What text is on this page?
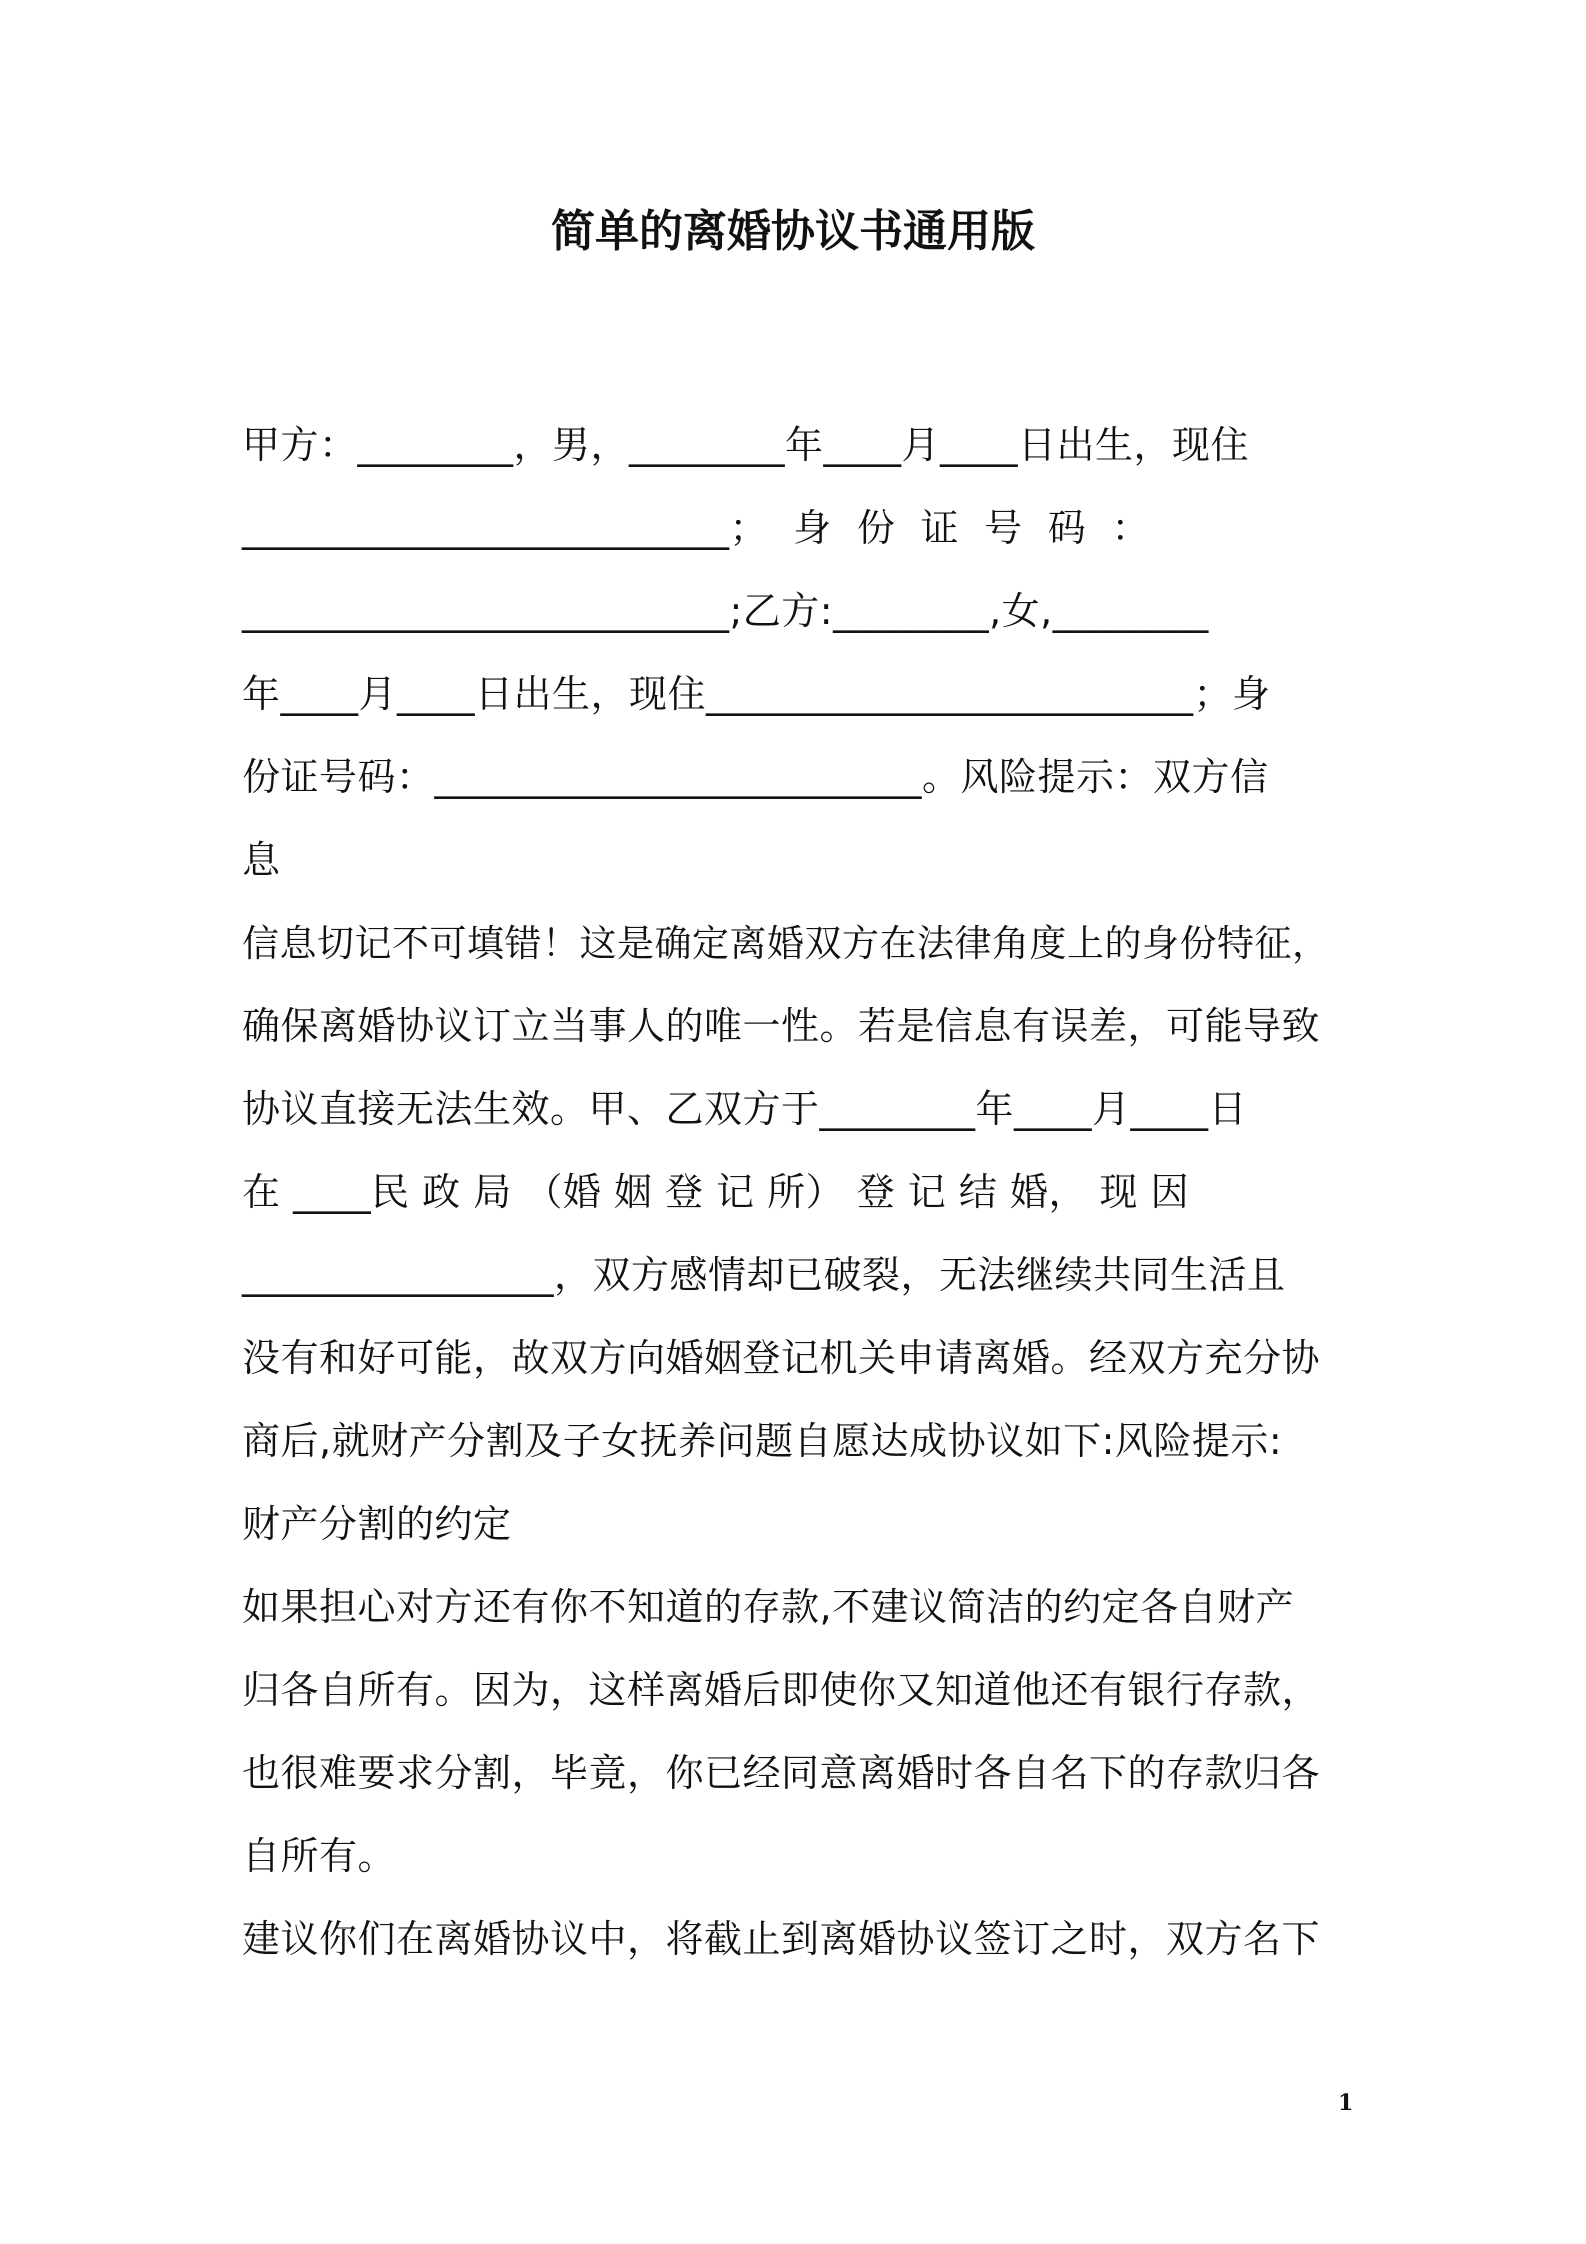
简单的离婚协议书通用版
甲方：________，男，________年____月____日出生，现住
_________________________；  身  份  证  号  码  ：
_________________________;乙方:________,女,________
年____月____日出生，现住_________________________；身
份证号码：_________________________。风险提示：双方信
息
信息切记不可填错！这是确定离婚双方在法律角度上的身份特征，
确保离婚协议订立当事人的唯一性。若是信息有误差，可能导致
协议直接无法生效。甲、乙双方于________年____月____日
在 ____民 政 局 （婚 姻 登 记 所） 登 记 结 婚， 现 因
________________，双方感情却已破裂，无法继续共同生活且
没有和好可能，故双方向婚姻登记机关申请离婚。经双方充分协
商后,就财产分割及子女抚养问题自愿达成协议如下:风险提示:
财产分割的约定
如果担心对方还有你不知道的存款,不建议简洁的约定各自财产
归各自所有。因为，这样离婚后即使你又知道他还有银行存款，
也很难要求分割，毕竟，你已经同意离婚时各自名下的存款归各
自所有。
建议你们在离婚协议中，将截止到离婚协议签订之时，双方名下
1
